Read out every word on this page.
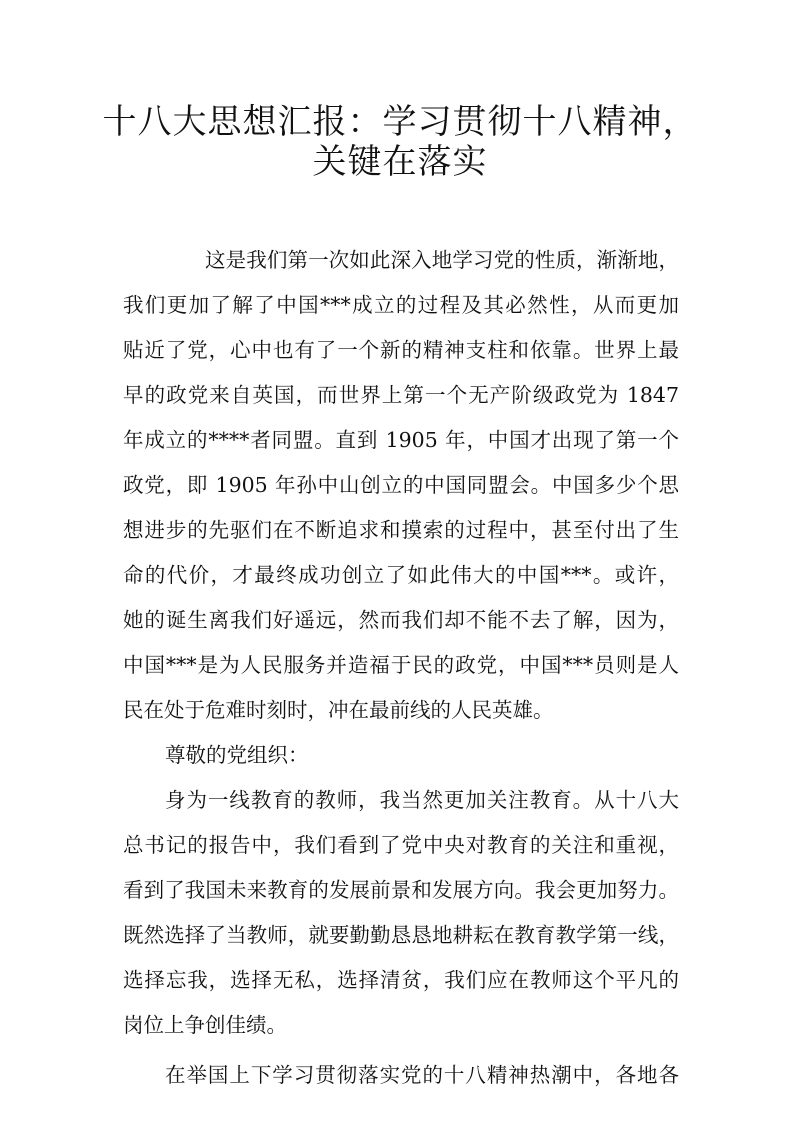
十八大思想汇报：学习贯彻十八精神，
关键在落实
这是我们第一次如此深入地学习党的性质，渐渐地，
我们更加了解了中国***成立的过程及其必然性，从而更加
贴近了党，心中也有了一个新的精神支柱和依靠。世界上最
早的政党来自英国，而世界上第一个无产阶级政党为 1847
年成立的****者同盟。直到 1905 年，中国才出现了第一个
政党，即 1905 年孙中山创立的中国同盟会。中国多少个思
想进步的先驱们在不断追求和摸索的过程中，甚至付出了生
命的代价，才最终成功创立了如此伟大的中国***。或许，
她的诞生离我们好遥远，然而我们却不能不去了解，因为，
中国***是为人民服务并造福于民的政党，中国***员则是人
民在处于危难时刻时，冲在最前线的人民英雄。
尊敬的党组织：
身为一线教育的教师，我当然更加关注教育。从十八大
总书记的报告中，我们看到了党中央对教育的关注和重视，
看到了我国未来教育的发展前景和发展方向。我会更加努力。
既然选择了当教师，就要勤勤恳恳地耕耘在教育教学第一线，
选择忘我，选择无私，选择清贫，我们应在教师这个平凡的
岗位上争创佳绩。
在举国上下学习贯彻落实党的十八精神热潮中，各地各
